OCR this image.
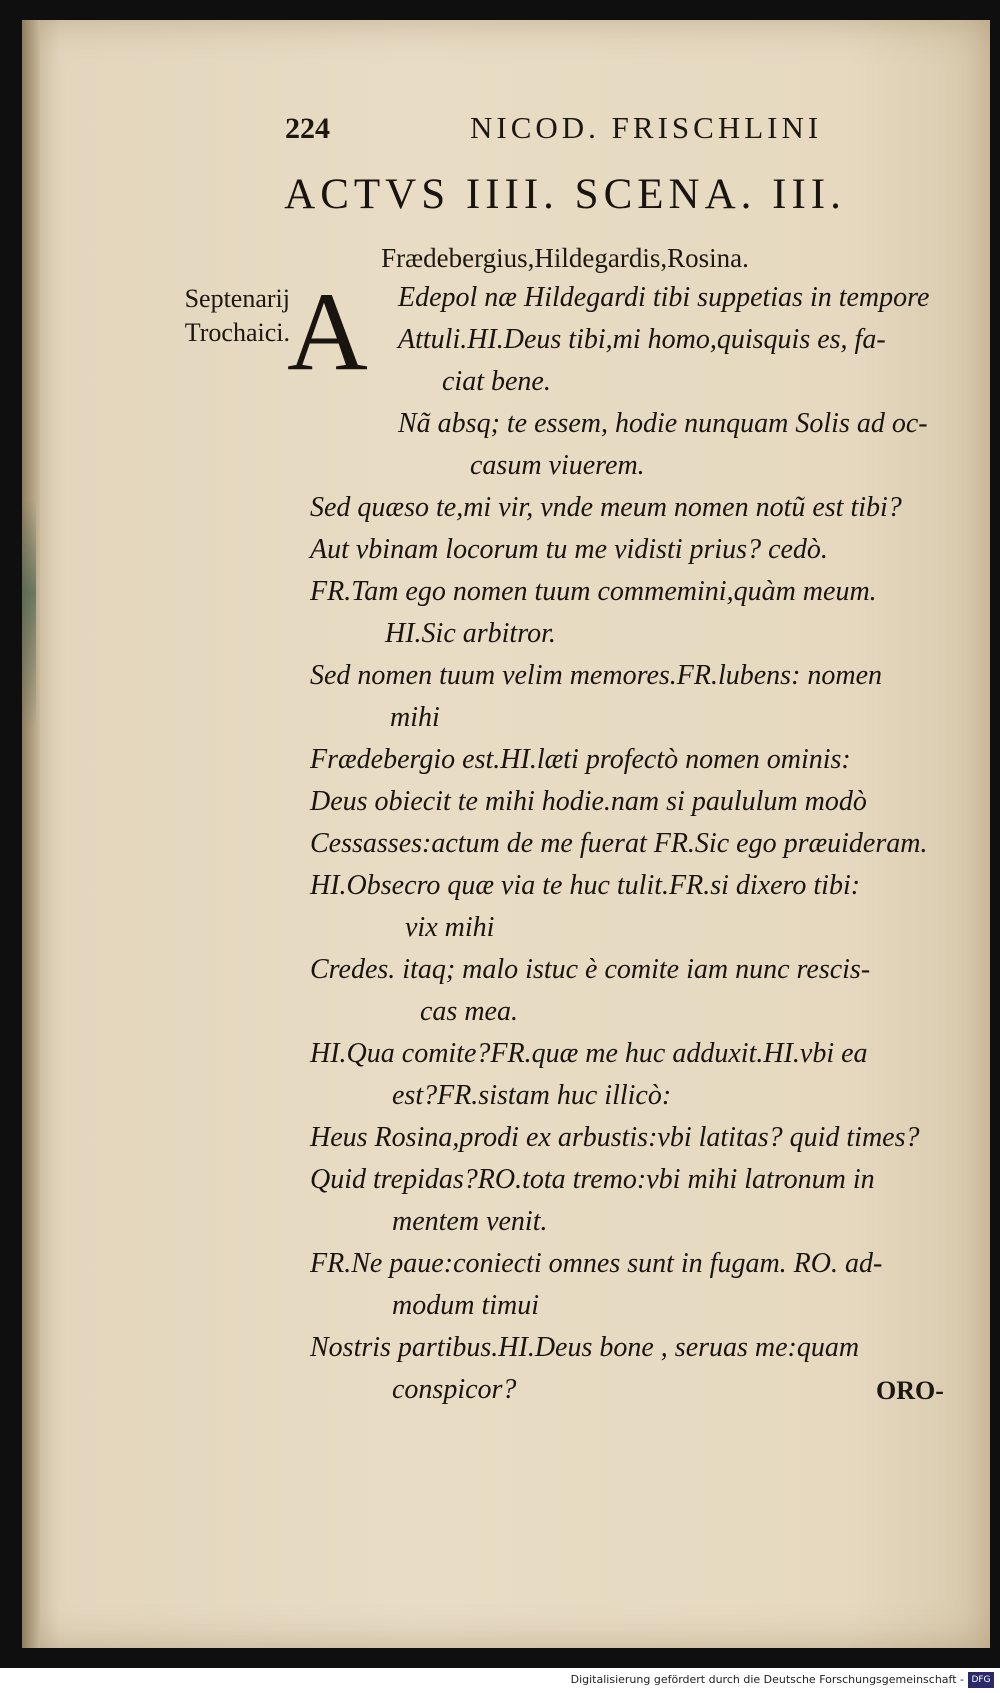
224	NICOD. FRISCHLINI
ACTVS IIII. SCENA. III.
Frædebergius,Hildegardis,Rosina.
Septenarij
Trochaici.
A Edepol næ Hildegardi tibi suppetias in tempore
Attuli.HI.Deus tibi,mi homo,quisquis es, fa-
ciat bene.
Nã absq; te essem, hodie nunquam Solis ad oc-
casum viuerem.
Sed quæso te,mi vir, vnde meum nomen notũ est tibi?
Aut vbinam locorum tu me vidisti prius? cedò.
FR.Tam ego nomen tuum commemini,quàm meum.
HI.Sic arbitror.
Sed nomen tuum velim memores.FR.lubens: nomen
mihi
Frædebergio est.HI.læti profectò nomen ominis:
Deus obiecit te mihi hodie.nam si paululum modò
Cessasses:actum de me fuerat FR.Sic ego præuideram.
HI.Obsecro quæ via te huc tulit.FR.si dixero tibi:
vix mihi
Credes. itaq; malo istuc è comite iam nunc rescis-
cas mea.
HI.Qua comite?FR.quæ me huc adduxit.HI.vbi ea
est?FR.sistam huc illicò:
Heus Rosina,prodi ex arbustis:vbi latitas? quid times?
Quid trepidas?RO.tota tremo:vbi mihi latronum in
mentem venit.
FR.Ne paue:coniecti omnes sunt in fugam. RO. ad-
modum timui
Nostris partibus.HI.Deus bone , seruas me:quam
conspicor?	ORO-
Digitalisierung gefördert durch die Deutsche Forschungsgemeinschaft - DFG
